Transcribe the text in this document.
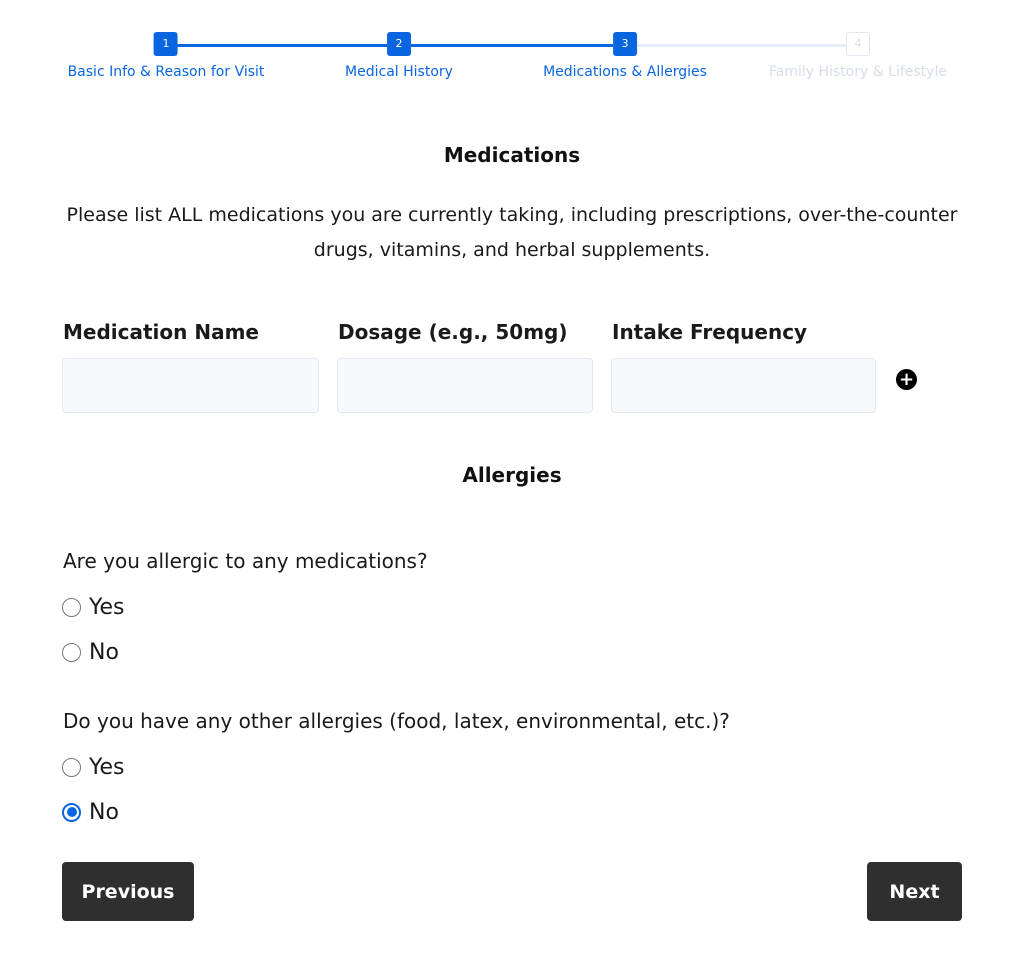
1
Basic Info & Reason for Visit
2
Medical History
3
Medications & Allergies
4
Family History & Lifestyle
Medications

Please list ALL medications you are currently taking, including prescriptions, over-the-counter drugs, vitamins, and herbal supplements.

Medication Name	Dosage (e.g., 50mg) Intake Frequency
+
Allergies
Are you allergic to any medications?
Yes
No
Do you have any other allergies (food, latex, environmental, etc.)?
Yes
No
Previous	Next
